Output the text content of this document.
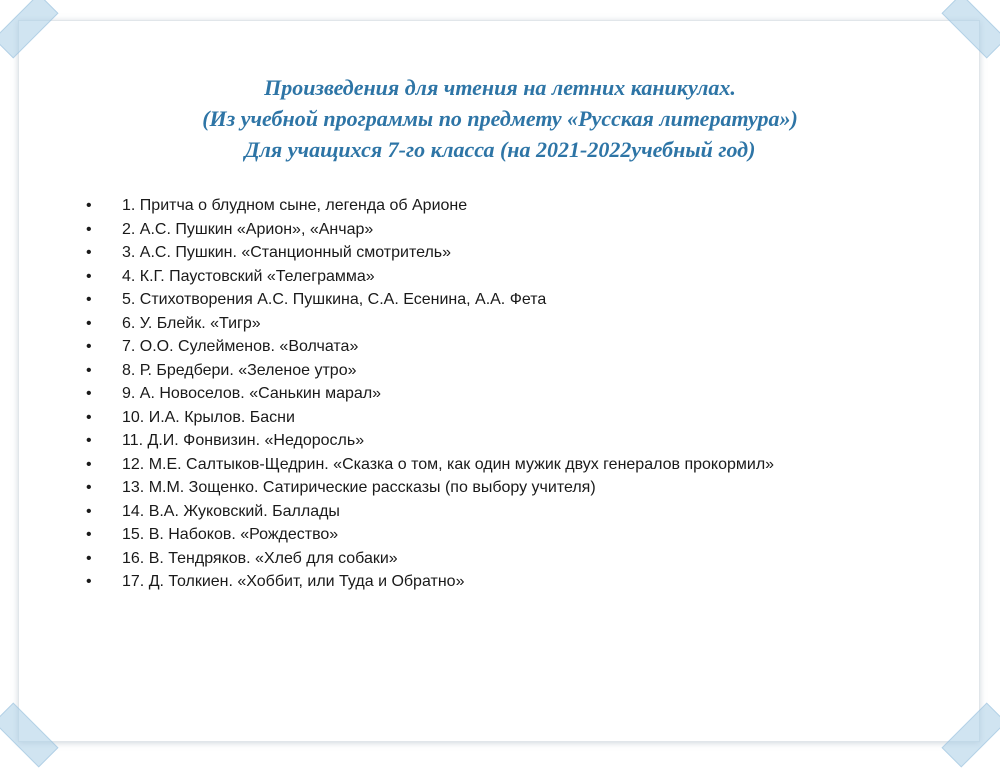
Произведения для чтения на летних каникулах.
(Из учебной программы по предмету «Русская литература»)
Для учащихся 7-го класса (на 2021-2022учебный год)
• 1. Притча о блудном сыне, легенда об Арионе
• 2. А.С. Пушкин «Арион», «Анчар»
• 3. А.С. Пушкин. «Станционный смотритель»
• 4. К.Г. Паустовский «Телеграмма»
• 5. Стихотворения А.С. Пушкина, С.А. Есенина, А.А. Фета
• 6. У. Блейк. «Тигр»
• 7. О.О. Сулейменов. «Волчата»
• 8. Р. Бредбери. «Зеленое утро»
• 9. А. Новоселов. «Санькин марал»
• 10. И.А. Крылов. Басни
• 11. Д.И. Фонвизин. «Недоросль»
• 12. М.Е. Салтыков-Щедрин. «Сказка о том, как один мужик двух генералов прокормил»
• 13. М.М. Зощенко. Сатирические рассказы (по выбору учителя)
• 14. В.А. Жуковский. Баллады
• 15. В. Набоков. «Рождество»
• 16. В. Тендряков. «Хлеб для собаки»
• 17. Д. Толкиен. «Хоббит, или Туда и Обратно»
